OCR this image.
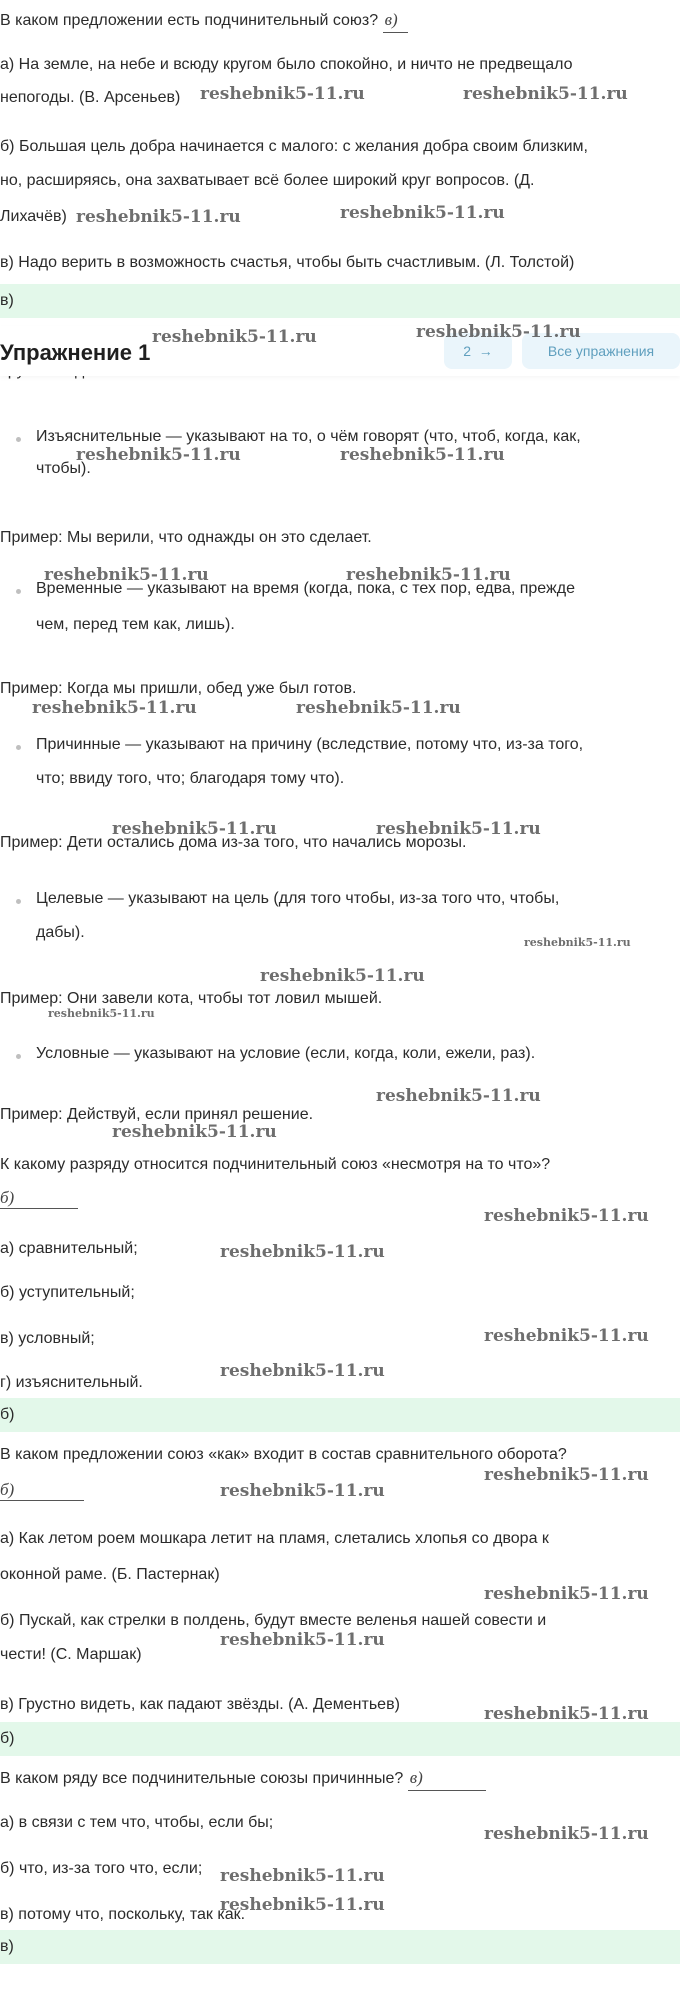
В каком предложении есть подчинительный союз? в)
а) На земле, на небе и всюду кругом было спокойно, и ничто не предвещало
непогоды. (В. Арсеньев)
б) Большая цель добра начинается с малого: с желания добра своим близким,
но, расширяясь, она захватывает всё более широкий круг вопросов. (Д.
Лихачёв)
в) Надо верить в возможность счастья, чтобы быть счастливым. (Л. Толстой)
в)
Упражнение 1	2 →	Все упражнения
Изъяснительные — указывают на то, о чём говорят (что, чтоб, когда, как,
чтобы).
Пример: Мы верили, что однажды он это сделает.
Временные — указывают на время (когда, пока, с тех пор, едва, прежде
чем, перед тем как, лишь).
Пример: Когда мы пришли, обед уже был готов.
Причинные — указывают на причину (вследствие, потому что, из-за того,
что; ввиду того, что; благодаря тому что).
Пример: Дети остались дома из-за того, что начались морозы.
Целевые — указывают на цель (для того чтобы, из-за того что, чтобы,
дабы).
Пример: Они завели кота, чтобы тот ловил мышей.
Условные — указывают на условие (если, когда, коли, ежели, раз).
Пример: Действуй, если принял решение.
К какому разряду относится подчинительный союз «несмотря на то что»?
б)
а) сравнительный;
б) уступительный;
в) условный;
г) изъяснительный.
б)
В каком предложении союз «как» входит в состав сравнительного оборота?
б)
а) Как летом роем мошкара летит на пламя, слетались хлопья со двора к
оконной раме. (Б. Пастернак)
б) Пускай, как стрелки в полдень, будут вместе веленья нашей совести и
чести! (С. Маршак)
в) Грустно видеть, как падают звёзды. (А. Дементьев)
б)
В каком ряду все подчинительные союзы причинные? в)
а) в связи с тем что, чтобы, если бы;
б) что, из-за того что, если;
в) потому что, поскольку, так как.
в)
reshebnik5-11.ru	reshebnik5-11.ru
reshebnik5-11.ru	reshebnik5-11.ru
reshebnik5-11.ru	reshebnik5-11.ru
reshebnik5-11.ru	reshebnik5-11.ru
reshebnik5-11.ru	reshebnik5-11.ru
reshebnik5-11.ru	reshebnik5-11.ru
reshebnik5-11.ru	reshebnik5-11.ru
reshebnik5-11.ru
reshebnik5-11.ru
reshebnik5-11.ru
reshebnik5-11.ru
reshebnik5-11.ru
reshebnik5-11.ru
reshebnik5-11.ru
reshebnik5-11.ru
reshebnik5-11.ru
reshebnik5-11.ru
reshebnik5-11.ru
reshebnik5-11.ru
reshebnik5-11.ru
reshebnik5-11.ru
reshebnik5-11.ru
reshebnik5-11.ru
reshebnik5-11.ru
